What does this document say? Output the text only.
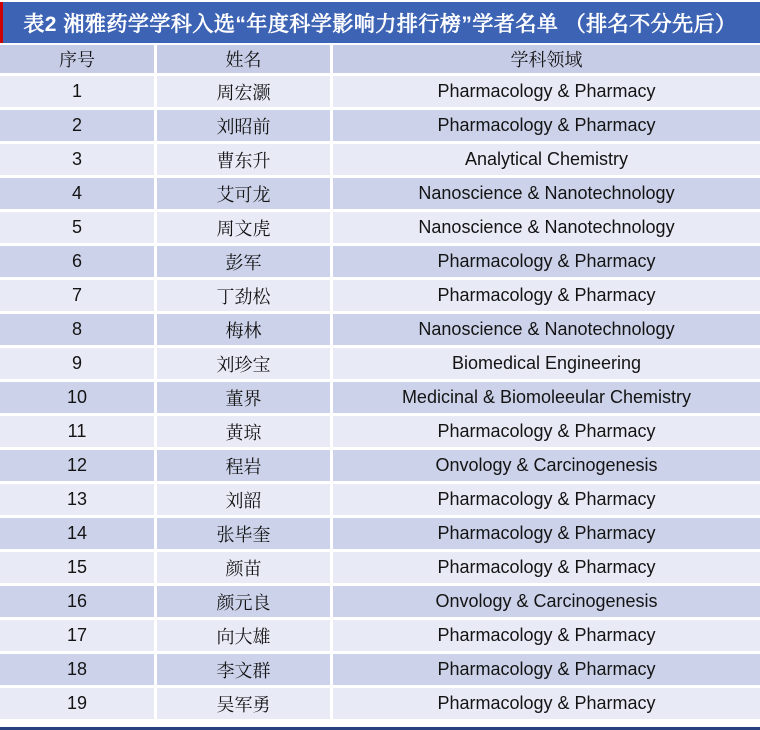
表2 湘雅药学学科入选“年度科学影响力排行榜”学者名单 （排名不分先后）
序号	姓名	学科领域
1	周宏灏	Pharmacology & Pharmacy
2	刘昭前	Pharmacology & Pharmacy
3	曹东升	Analytical Chemistry
4	艾可龙	Nanoscience & Nanotechnology
5	周文虎	Nanoscience & Nanotechnology
6	彭军	Pharmacology & Pharmacy
7	丁劲松	Pharmacology & Pharmacy
8	梅林	Nanoscience & Nanotechnology
9	刘珍宝	Biomedical Engineering
10	董界	Medicinal & Biomoleeular Chemistry
11	黄琼	Pharmacology & Pharmacy
12	程岩	Onvology & Carcinogenesis
13	刘韶	Pharmacology & Pharmacy
14	张毕奎	Pharmacology & Pharmacy
15	颜苗	Pharmacology & Pharmacy
16	颜元良	Onvology & Carcinogenesis
17	向大雄	Pharmacology & Pharmacy
18	李文群	Pharmacology & Pharmacy
19	吴军勇	Pharmacology & Pharmacy
